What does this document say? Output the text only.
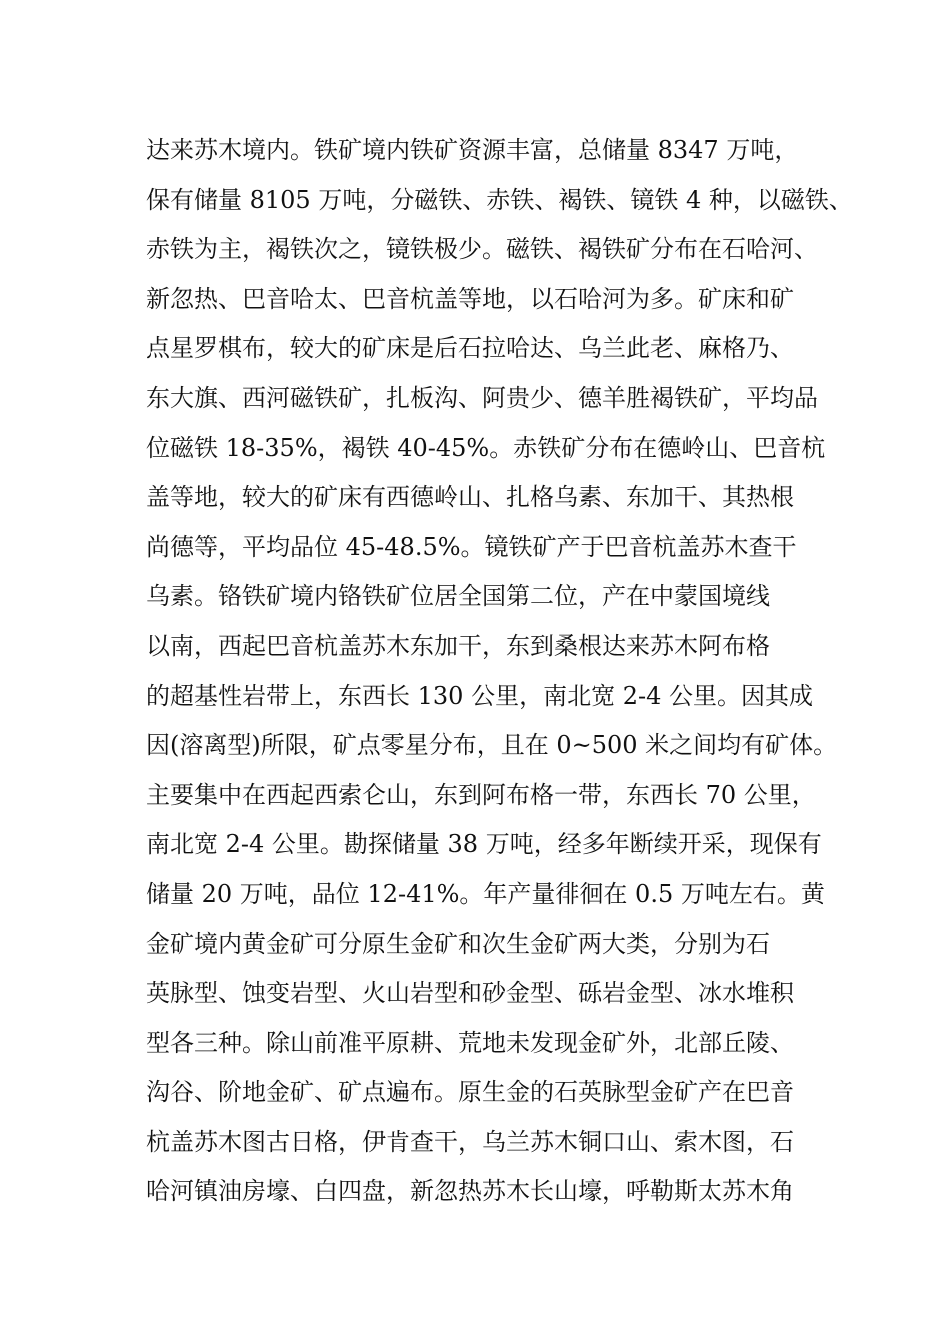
达来苏木境内。铁矿境内铁矿资源丰富，总储量 8347 万吨，
保有储量 8105 万吨，分磁铁、赤铁、褐铁、镜铁 4 种，以磁铁、
赤铁为主，褐铁次之，镜铁极少。磁铁、褐铁矿分布在石哈河、
新忽热、巴音哈太、巴音杭盖等地，以石哈河为多。矿床和矿
点星罗棋布，较大的矿床是后石拉哈达、乌兰此老、麻格乃、
东大旗、西河磁铁矿，扎板沟、阿贵少、德羊胜褐铁矿，平均品
位磁铁 18-35%，褐铁 40-45%。赤铁矿分布在德岭山、巴音杭
盖等地，较大的矿床有西德岭山、扎格乌素、东加干、其热根
尚德等，平均品位 45-48.5%。镜铁矿产于巴音杭盖苏木查干
乌素。铬铁矿境内铬铁矿位居全国第二位，产在中蒙国境线
以南，西起巴音杭盖苏木东加干，东到桑根达来苏木阿布格
的超基性岩带上，东西长 130 公里，南北宽 2-4 公里。因其成
因(溶离型)所限，矿点零星分布，且在 0~500 米之间均有矿体。
主要集中在西起西索仑山，东到阿布格一带，东西长 70 公里，
南北宽 2-4 公里。勘探储量 38 万吨，经多年断续开采，现保有
储量 20 万吨，品位 12-41%。年产量徘徊在 0.5 万吨左右。黄
金矿境内黄金矿可分原生金矿和次生金矿两大类，分别为石
英脉型、蚀变岩型、火山岩型和砂金型、砾岩金型、冰水堆积
型各三种。除山前准平原耕、荒地未发现金矿外，北部丘陵、
沟谷、阶地金矿、矿点遍布。原生金的石英脉型金矿产在巴音
杭盖苏木图古日格，伊肯查干，乌兰苏木铜口山、索木图，石
哈河镇油房壕、白四盘，新忽热苏木长山壕，呼勒斯太苏木角
